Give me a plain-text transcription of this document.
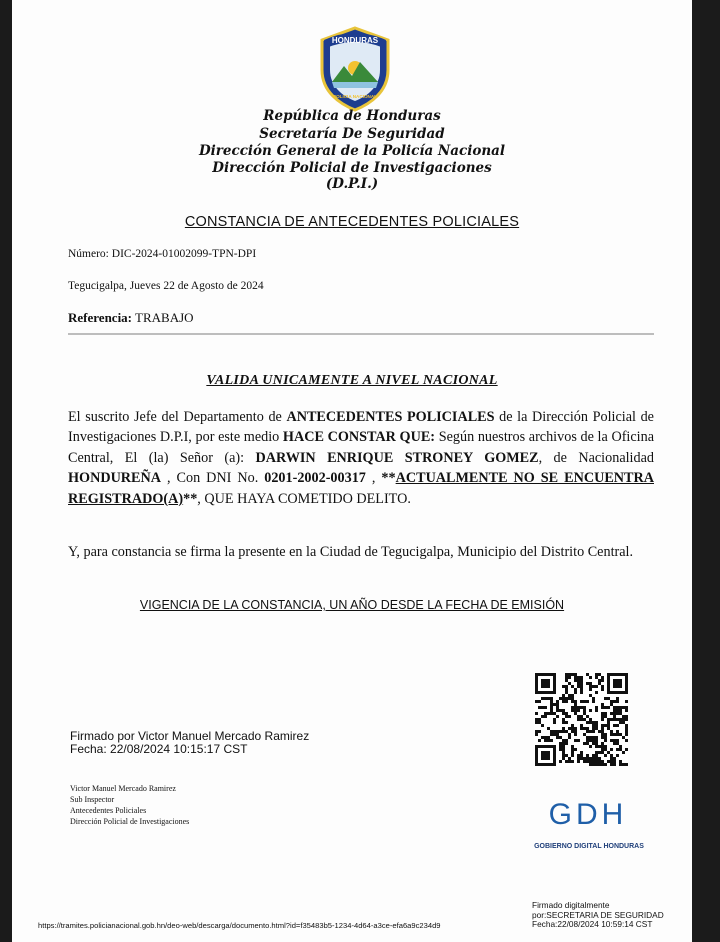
HONDURAS
POLICIA NACIONAL
República de Honduras
Secretaría De Seguridad
Dirección General de la Policía Nacional
Dirección Policial de Investigaciones
(D.P.I.)
CONSTANCIA DE ANTECEDENTES POLICIALES
Número: DIC-2024-01002099-TPN-DPI
Tegucigalpa, Jueves 22 de Agosto de 2024
Referencia: TRABAJO
VALIDA UNICAMENTE A NIVEL NACIONAL
El suscrito Jefe del Departamento de ANTECEDENTES POLICIALES de la Dirección Policial de Investigaciones D.P.I, por este medio HACE CONSTAR QUE: Según nuestros archivos de la Oficina Central, El (la) Señor (a): DARWIN ENRIQUE STRONEY GOMEZ, de Nacionalidad HONDUREÑA , Con DNI No. 0201-2002-00317 , **ACTUALMENTE NO SE ENCUENTRA REGISTRADO(A)**, QUE HAYA COMETIDO DELITO.
Y, para constancia se firma la presente en la Ciudad de Tegucigalpa, Municipio del Distrito Central.
VIGENCIA DE LA CONSTANCIA, UN AÑO DESDE LA FECHA DE EMISIÓN
Firmado por Victor Manuel Mercado Ramirez
Fecha: 22/08/2024 10:15:17 CST
Victor Manuel Mercado Ramirez
Sub Inspector
Antecedentes Policiales
Dirección Policial de Investigaciones	GDH
GOBIERNO DIGITAL HONDURAS
Firmado digitalmente
por:SECRETARIA DE SEGURIDAD
Fecha:22/08/2024 10:59:14 CST
https://tramites.policianacional.gob.hn/deo-web/descarga/documento.html?id=f35483b5-1234-4d64-a3ce-efa6a9c234d9
